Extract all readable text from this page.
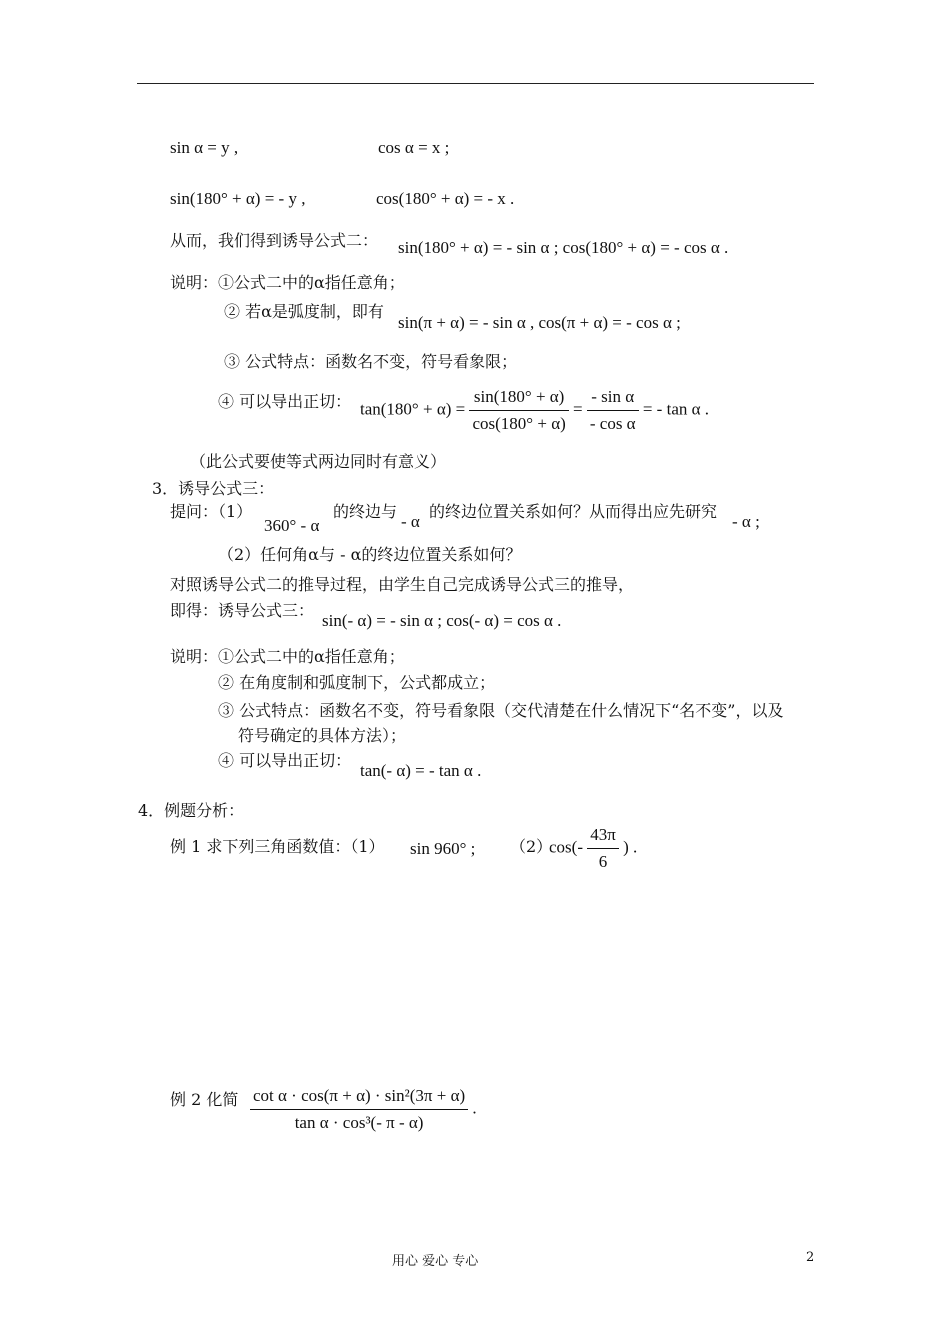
sin α = y ,	cos α = x ;
sin(180° + α) = - y ,	cos(180° + α) = - x .
从而，我们得到诱导公式二： sin(180° + α) = - sin α ; cos(180° + α) = - cos α .
说明：①公式二中的α指任意角；
② 若α是弧度制，即有
sin(π + α) = - sin α , cos(π + α) = - cos α ;
③ 公式特点：函数名不变，符号看象限；
④ 可以导出正切： $\tan(180^\circ + \alpha) = \frac{\sin(180^\circ + \alpha)}{\cos(180^\circ + \alpha)} = \frac{\text{- sin α}}{\text{- cos α}}$ = - tan α .
（此公式要使等式两边同时有意义）
3．诱导公式三：
提问：（1）
360° - α
的终边与
- α
的终边位置关系如何？从而得出应先研究
- α ;
（2）任何角α与 - α的终边位置关系如何？
对照诱导公式二的推导过程，由学生自己完成诱导公式三的推导，
即得：诱导公式三：
sin(- α) = - sin α ; cos(- α) = cos α .
说明：①公式二中的α指任意角；
② 在角度制和弧度制下，公式都成立；
③ 公式特点：函数名不变，符号看象限（交代清楚在什么情况下“名不变”，以及
符号确定的具体方法）；
④ 可以导出正切：
tan(- α) = - tan α .
4．例题分析：
例 1 求下列三角函数值：（1） sin 960° ; （2）
$\cos(- \frac{43\pi}{6}$ ) .
例 2 化简 $\frac{\text{cot α · cos(π + α) · sin²(3π + α)}}{\text{tan α · cos³(- π - α)}}$ .
用心 爱心 专心	2
